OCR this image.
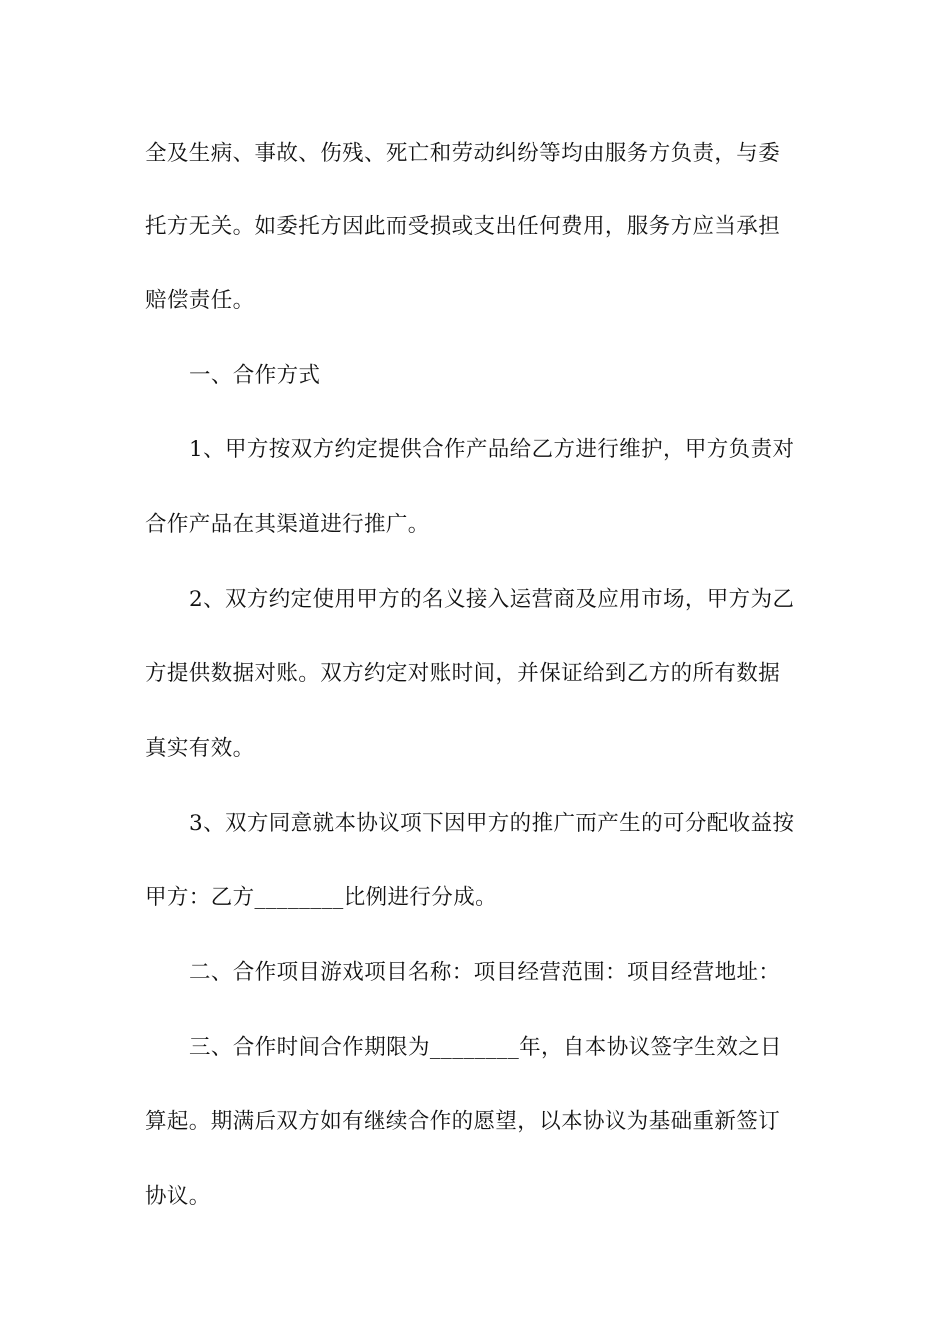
全及生病、事故、伤残、死亡和劳动纠纷等均由服务方负责，与委
托方无关。如委托方因此而受损或支出任何费用，服务方应当承担
赔偿责任。
一、合作方式
1、甲方按双方约定提供合作产品给乙方进行维护，甲方负责对
合作产品在其渠道进行推广。
2、双方约定使用甲方的名义接入运营商及应用市场，甲方为乙
方提供数据对账。双方约定对账时间，并保证给到乙方的所有数据
真实有效。
3、双方同意就本协议项下因甲方的推广而产生的可分配收益按
甲方：乙方________比例进行分成。
二、合作项目游戏项目名称：项目经营范围：项目经营地址：
三、合作时间合作期限为________年，自本协议签字生效之日
算起。期满后双方如有继续合作的愿望，以本协议为基础重新签订
协议。
